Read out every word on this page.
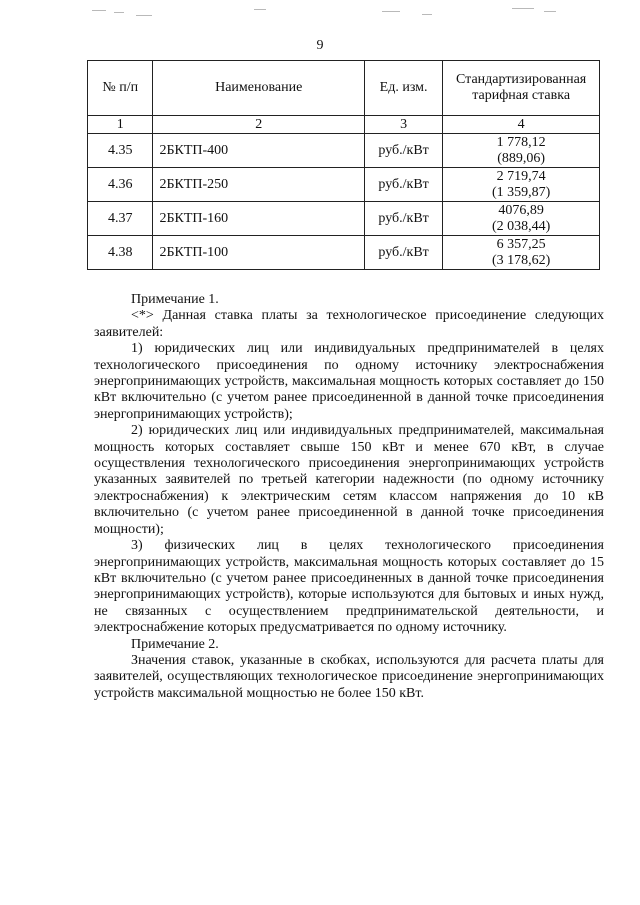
9
№ п/п	Наименование	Ед. изм.	Стандартизированная тарифная ставка
1	2	3	4
4.35	2БКТП-400	руб./кВт	1 778,12
(889,06)

4.36	2БКТП-250	руб./кВт	2 719,74
(1 359,87)

4.37	2БКТП-160	руб./кВт	4076,89
(2 038,44)

4.38	2БКТП-100	руб./кВт	6 357,25
(3 178,62)

Примечание 1.

<*> Данная ставка платы за технологическое присоединение следующих заявителей:

1) юридических лиц или индивидуальных предпринимателей в целях технологического присоединения по одному источнику электроснабжения энергопринимающих устройств, максимальная мощность которых составляет до 150 кВт включительно (с учетом ранее присоединенной в данной точке присоединения энергопринимающих устройств);

2) юридических лиц или индивидуальных предпринимателей, максимальная мощность которых составляет свыше 150 кВт и менее 670 кВт, в случае осуществления технологического присоединения энергопринимающих устройств указанных заявителей по третьей категории надежности (по одному источнику электроснабжения) к электрическим сетям классом напряжения до 10 кВ включительно (с учетом ранее присоединенной в данной точке присоединения мощности);

3) физических лиц в целях технологического присоединения энергопринимающих устройств, максимальная мощность которых составляет до 15 кВт включительно (с учетом ранее присоединенных в данной точке присоединения энергопринимающих устройств), которые используются для бытовых и иных нужд, не связанных с осуществлением предпринимательской деятельности, и электроснабжение которых предусматривается по одному источнику.

Примечание 2.

Значения ставок, указанные в скобках, используются для расчета платы для заявителей, осуществляющих технологическое присоединение энергопринимающих устройств максимальной мощностью не более 150 кВт.
